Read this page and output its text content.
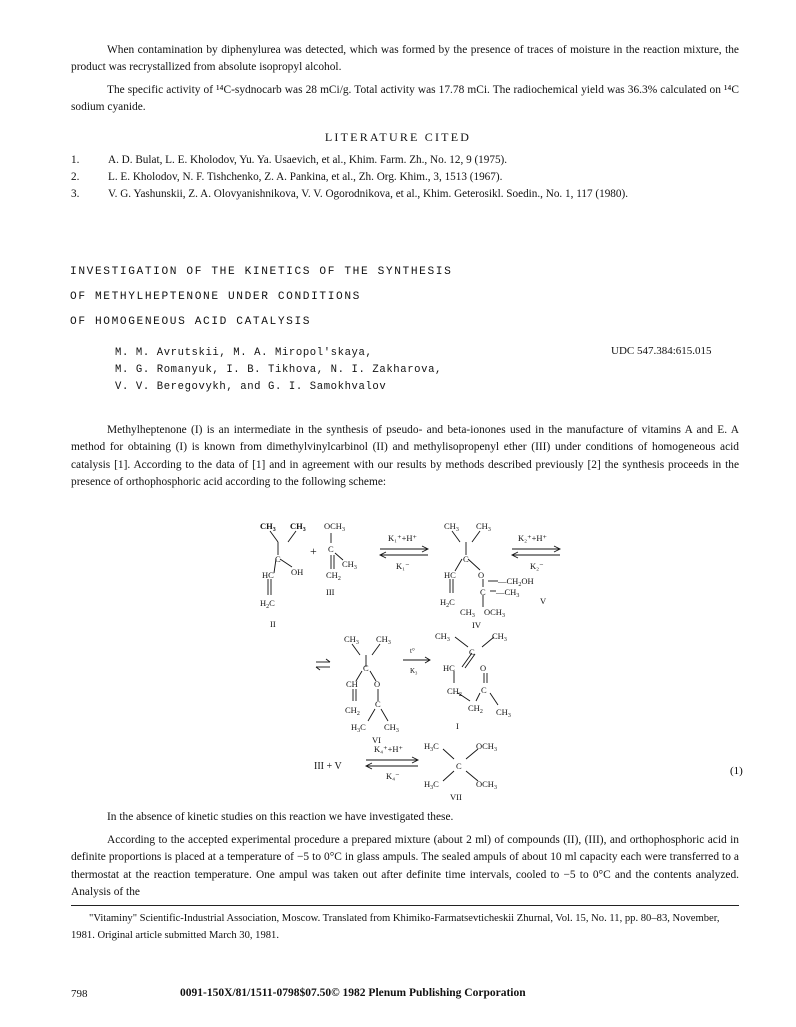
When contamination by diphenylurea was detected, which was formed by the presence of traces of moisture in the reaction mixture, the product was recrystallized from absolute isopropyl alcohol.
The specific activity of ¹⁴C-sydnocarb was 28 mCi/g. Total activity was 17.78 mCi. The radiochemical yield was 36.3% calculated on ¹⁴C sodium cyanide.
LITERATURE CITED
1.	A. D. Bulat, L. E. Kholodov, Yu. Ya. Usaevich, et al., Khim. Farm. Zh., No. 12, 9 (1975).
2.	L. E. Kholodov, N. F. Tishchenko, Z. A. Pankina, et al., Zh. Org. Khim., 3, 1513 (1967).
3.	V. G. Yashunskii, Z. A. Olovyanishnikova, V. V. Ogorodnikova, et al., Khim. Geterosikl. Soedin., No. 1, 117 (1980).
INVESTIGATION OF THE KINETICS OF THE SYNTHESIS
OF METHYLHEPTENONE UNDER CONDITIONS
OF HOMOGENEOUS ACID CATALYSIS
M. M. Avrutskii, M. A. Miropol'skaya,
M. G. Romanyuk, I. B. Tikhova, N. I. Zakharova,
V. V. Beregovykh, and G. I. Samokhvalov
UDC 547.384:615.015
Methylheptenone (I) is an intermediate in the synthesis of pseudo- and beta-ionones used in the manufacture of vitamins A and E. A method for obtaining (I) is known from dimethylvinylcarbinol (II) and methylisopropenyl ether (III) under conditions of homogeneous acid catalysis [1]. According to the data of [1] and in agreement with our results by methods described previously [2] the synthesis proceeds in the presence of orthophosphoric acid according to the following scheme:
$CH_3$ $CH_3$
C
OH
HC
$H_2C$
II
+
$OCH_3$
C
$CH_2$
$CH_3$
III
K₁⁺+H⁺
K₁⁻
$CH_3$ $CH_3$
C
HC	O
$H_2C$
C
$—CH_2OH$
$—CH_3$
$CH_3$ $OCH_3$
IV
V
K₂⁺+H⁺
K₂⁻
$CH_3$ $CH_3$
C
CH O
$CH_2$
C
$H_3C$ $CH_3$
VI
t°
K₃
$CH_3$	$CH_3$
C
HC	O
$CH_2$ C
$CH_2$ $CH_3$
I
III + V
K₄⁺+H⁺
K₄⁻
$H_3C$
$H_3C$
C
$OCH_3$
$OCH_3$
VII
(1)
In the absence of kinetic studies on this reaction we have investigated these.
According to the accepted experimental procedure a prepared mixture (about 2 ml) of compounds (II), (III), and orthophosphoric acid in definite proportions is placed at a temperature of −5 to 0°C in glass ampuls. The sealed ampuls of about 10 ml capacity each were transferred to a thermostat at the reaction temperature. One ampul was taken out after definite time intervals, cooled to −5 to 0°C and the contents analyzed. Analysis of the
"Vitaminy" Scientific-Industrial Association, Moscow. Translated from Khimiko-Farmatsevticheskii Zhurnal, Vol. 15, No. 11, pp. 80–83, November, 1981. Original article submitted March 30, 1981.
798	0091-150X/81/1511-0798$07.50© 1982 Plenum Publishing Corporation
